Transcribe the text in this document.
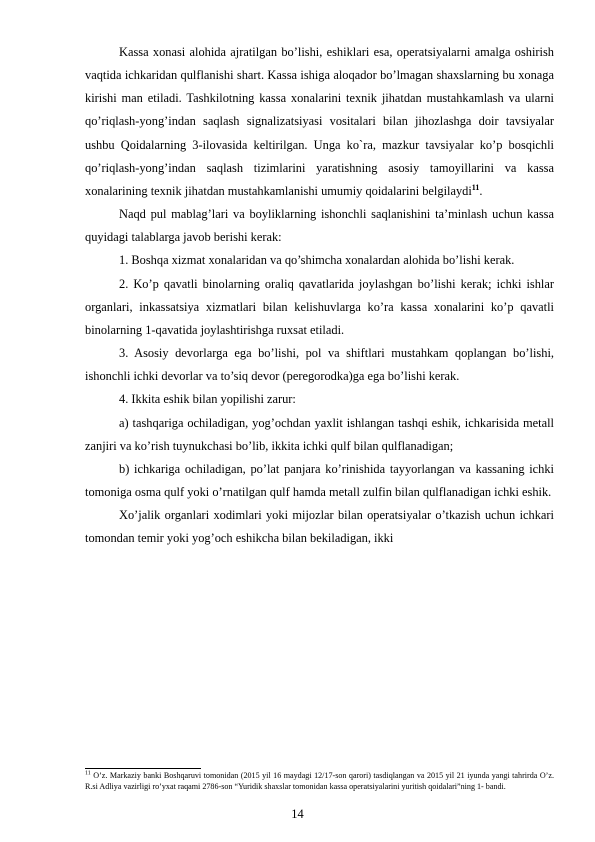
Kassa xonasi alohida ajratilgan bo’lishi, eshiklari esa, operatsiyalarni amalga oshirish vaqtida ichkaridan qulflanishi shart. Kassa ishiga aloqador bo’lmagan shaxslarning bu xonaga kirishi man etiladi. Tashkilotning kassa xonalarini texnik jihatdan mustahkamlash va ularni qo’riqlash-yong’indan saqlash signalizatsiyasi vositalari bilan jihozlashga doir tavsiyalar ushbu Qoidalarning 3-ilovasida keltirilgan. Unga ko`ra, mazkur tavsiyalar ko’p bosqichli qo’riqlash-yong’indan saqlash tizimlarini yaratishning asosiy tamoyillarini va kassa xonalarining texnik jihatdan mustahkamlanishi umumiy qoidalarini belgilaydi$^{11}$.

Naqd pul mablag’lari va boyliklarning ishonchli saqlanishini ta’minlash uchun kassa quyidagi talablarga javob berishi kerak:

1. Boshqa xizmat xonalaridan va qo’shimcha xonalardan alohida bo’lishi kerak.

2. Ko’p qavatli binolarning oraliq qavatlarida joylashgan bo’lishi kerak; ichki ishlar organlari, inkassatsiya xizmatlari bilan kelishuvlarga ko’ra kassa xonalarini ko’p qavatli binolarning 1-qavatida joylashtirishga ruxsat etiladi.

3. Asosiy devorlarga ega bo’lishi, pol va shiftlari mustahkam qoplangan bo’lishi, ishonchli ichki devorlar va to’siq devor (peregorodka)ga ega bo’lishi kerak.

4. Ikkita eshik bilan yopilishi zarur:

a) tashqariga ochiladigan, yog’ochdan yaxlit ishlangan tashqi eshik, ichkarisida metall zanjiri va ko’rish tuynukchasi bo’lib, ikkita ichki qulf bilan qulflanadigan;

b) ichkariga ochiladigan, po’lat panjara ko’rinishida tayyorlangan va kassaning ichki tomoniga osma qulf yoki o’rnatilgan qulf hamda metall zulfin bilan qulflanadigan ichki eshik.

Xo’jalik organlari xodimlari yoki mijozlar bilan operatsiyalar o’tkazish uchun ichkari tomondan temir yoki yog’och eshikcha bilan bekiladigan, ikki

$^{11}$ O’z. Markaziy banki Boshqaruvi tomonidan (2015 yil 16 maydagi 12/17-son qarori) tasdiqlangan va 2015 yil 21 iyunda yangi tahrirda O’z. R.si Adliya vazirligi ro’yxat raqami 2786-son “Yuridik shaxslar tomonidan kassa operatsiyalarini yuritish qoidalari”ning 1- bandi.

14
